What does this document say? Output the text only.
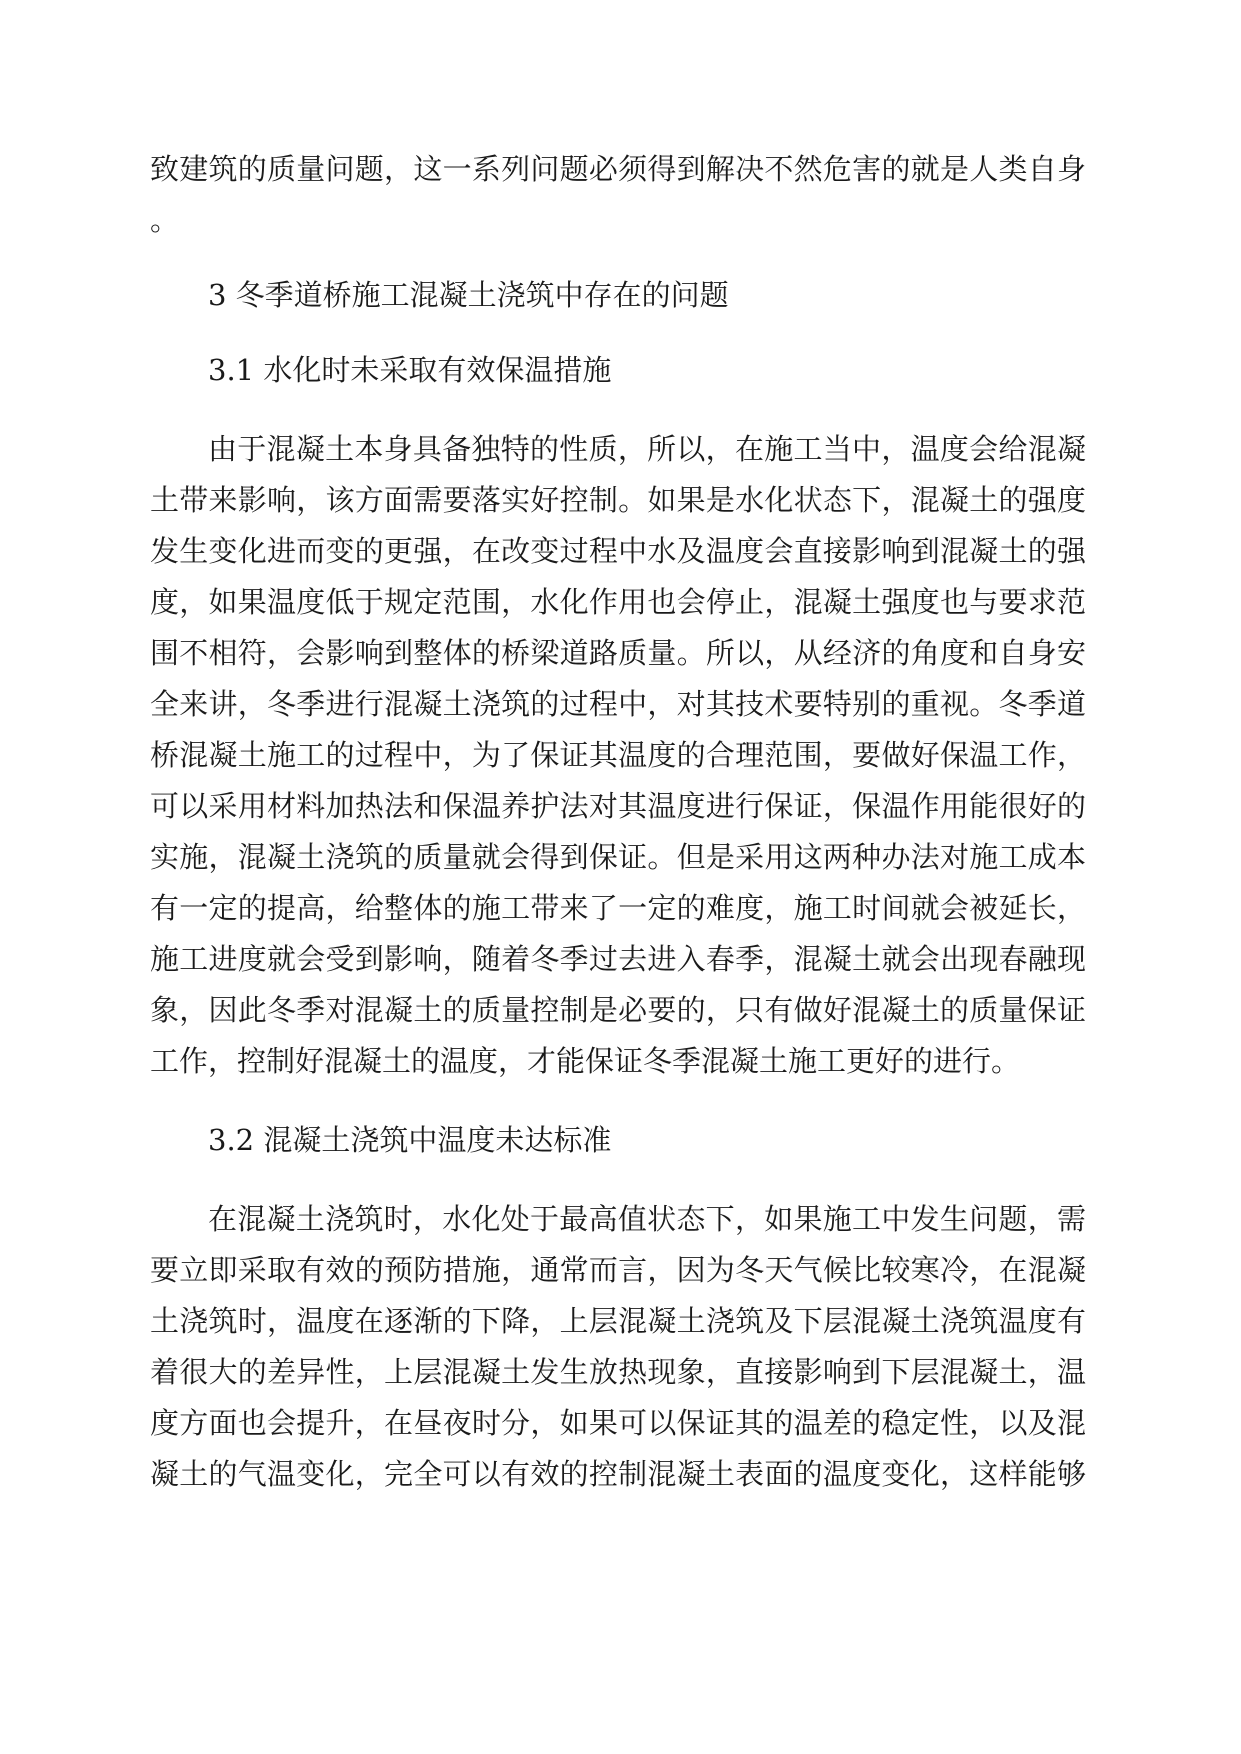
致建筑的质量问题，这一系列问题必须得到解决不然危害的就是人类自身
。
3 冬季道桥施工混凝土浇筑中存在的问题
3.1 水化时未采取有效保温措施
由于混凝土本身具备独特的性质，所以，在施工当中，温度会给混凝
土带来影响，该方面需要落实好控制。如果是水化状态下，混凝土的强度
发生变化进而变的更强，在改变过程中水及温度会直接影响到混凝土的强
度，如果温度低于规定范围，水化作用也会停止，混凝土强度也与要求范
围不相符，会影响到整体的桥梁道路质量。所以，从经济的角度和自身安
全来讲，冬季进行混凝土浇筑的过程中，对其技术要特别的重视。冬季道
桥混凝土施工的过程中，为了保证其温度的合理范围，要做好保温工作，
可以采用材料加热法和保温养护法对其温度进行保证，保温作用能很好的
实施，混凝土浇筑的质量就会得到保证。但是采用这两种办法对施工成本
有一定的提高，给整体的施工带来了一定的难度，施工时间就会被延长，
施工进度就会受到影响，随着冬季过去进入春季，混凝土就会出现春融现
象，因此冬季对混凝土的质量控制是必要的，只有做好混凝土的质量保证
工作，控制好混凝土的温度，才能保证冬季混凝土施工更好的进行。
3.2 混凝土浇筑中温度未达标准
在混凝土浇筑时，水化处于最高值状态下，如果施工中发生问题，需
要立即采取有效的预防措施，通常而言，因为冬天气候比较寒冷，在混凝
土浇筑时，温度在逐渐的下降，上层混凝土浇筑及下层混凝土浇筑温度有
着很大的差异性，上层混凝土发生放热现象，直接影响到下层混凝土，温
度方面也会提升，在昼夜时分，如果可以保证其的温差的稳定性，以及混
凝土的气温变化，完全可以有效的控制混凝土表面的温度变化，这样能够
